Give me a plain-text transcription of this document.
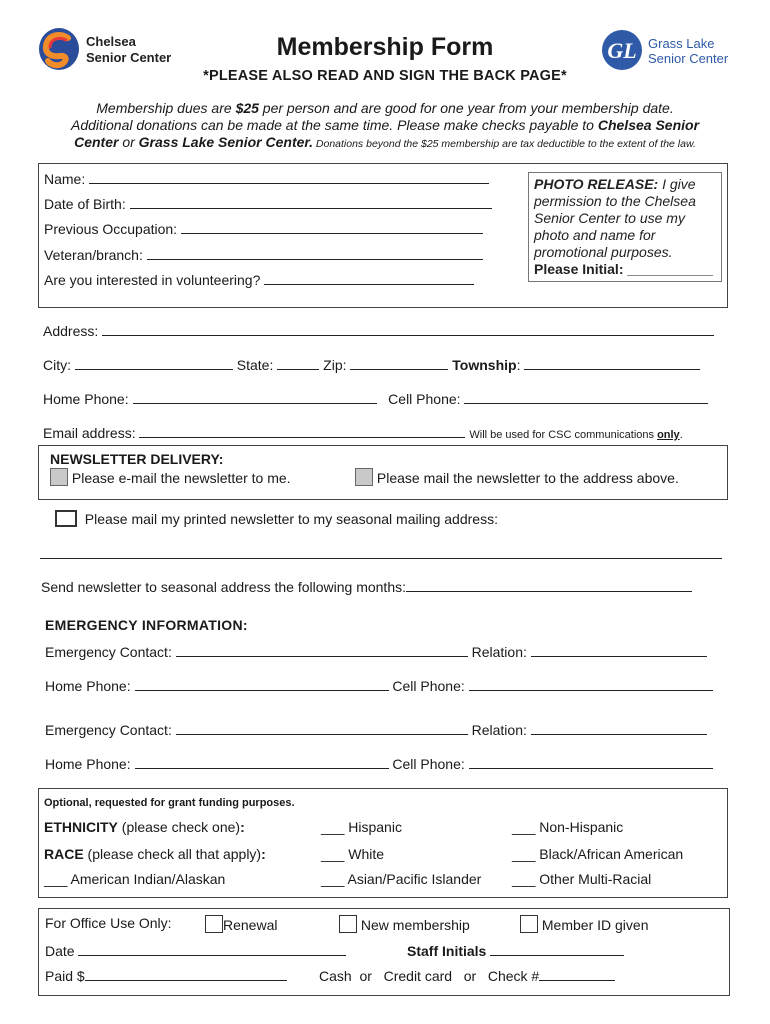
Chelsea
Senior Center	GL Grass Lake
Senior Center
Membership Form
*PLEASE ALSO READ AND SIGN THE BACK PAGE*
Membership dues are $25 per person and are good for one year from your membership date.
Additional donations can be made at the same time. Please make checks payable to Chelsea Senior
Center or Grass Lake Senior Center. Donations beyond the $25 membership are tax deductible to the extent of the law.
Name:
Date of Birth:
Previous Occupation:
Veteran/branch:
Are you interested in volunteering?
PHOTO RELEASE: I give
permission to the Chelsea
Senior Center to use my
photo and name for
promotional purposes.
Please Initial: ___________
Address:
City:	State:	Zip:	Township:
Home Phone:	Cell Phone:
Email address:	Will be used for CSC communications only.
NEWSLETTER DELIVERY:
Please e-mail the newsletter to me.	Please mail the newsletter to the address above.
Please mail my printed newsletter to my seasonal mailing address:
Send newsletter to seasonal address the following months:
EMERGENCY INFORMATION:
Emergency Contact:	Relation:
Home Phone:	Cell Phone:
Emergency Contact:	Relation:
Home Phone:	Cell Phone:
Optional, requested for grant funding purposes.
ETHNICITY (please check one):	___ Hispanic	___ Non-Hispanic
RACE (please check all that apply):	___ White	___ Black/African American
___ American Indian/Alaskan	___ Asian/Pacific Islander ___ Other Multi-Racial
For Office Use Only:	Renewal	New membership	Member ID given
Date	Staff Initials
Paid $	Cash or Credit card or Check #
